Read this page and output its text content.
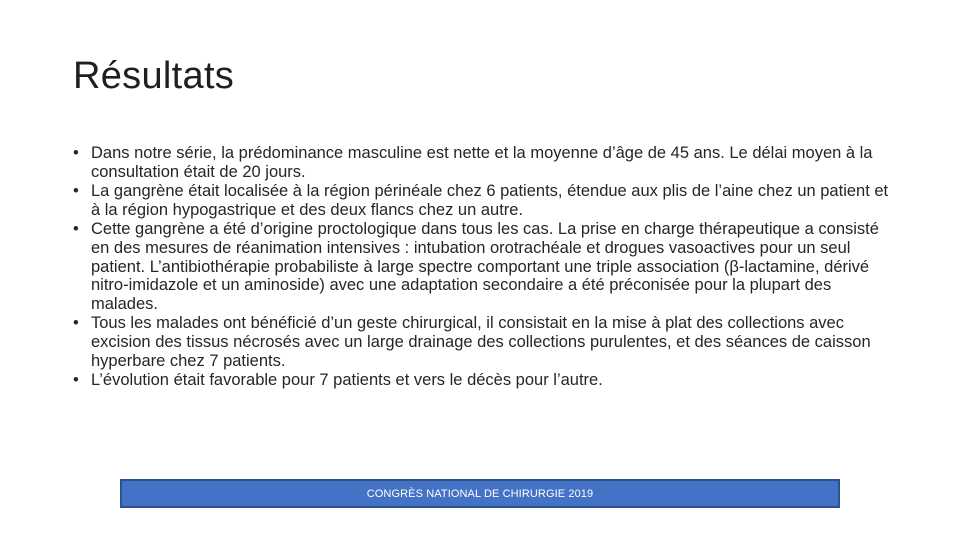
Résultats
• Dans notre série, la prédominance masculine est nette et la moyenne d’âge de 45 ans. Le délai moyen à la consultation était de 20 jours.
• La gangrène était localisée à la région périnéale chez 6 patients, étendue aux plis de l’aine chez un patient et à la région hypogastrique et des deux flancs chez un autre.
• Cette gangrène a été d’origine proctologique dans tous les cas. La prise en charge thérapeutique a consisté en des mesures de réanimation intensives : intubation orotrachéale et drogues vasoactives pour un seul patient. L’antibiothérapie probabiliste à large spectre comportant une triple association (β-lactamine, dérivé nitro-imidazole et un aminoside) avec une adaptation secondaire a été préconisée pour la plupart des malades.
• Tous les malades ont bénéficié d’un geste chirurgical, il consistait en la mise à plat des collections avec excision des tissus nécrosés avec un large drainage des collections purulentes, et des séances de caisson hyperbare chez 7 patients.
• L’évolution était favorable pour 7 patients et vers le décès pour l’autre.
CONGRÈS NATIONAL DE CHIRURGIE 2019
